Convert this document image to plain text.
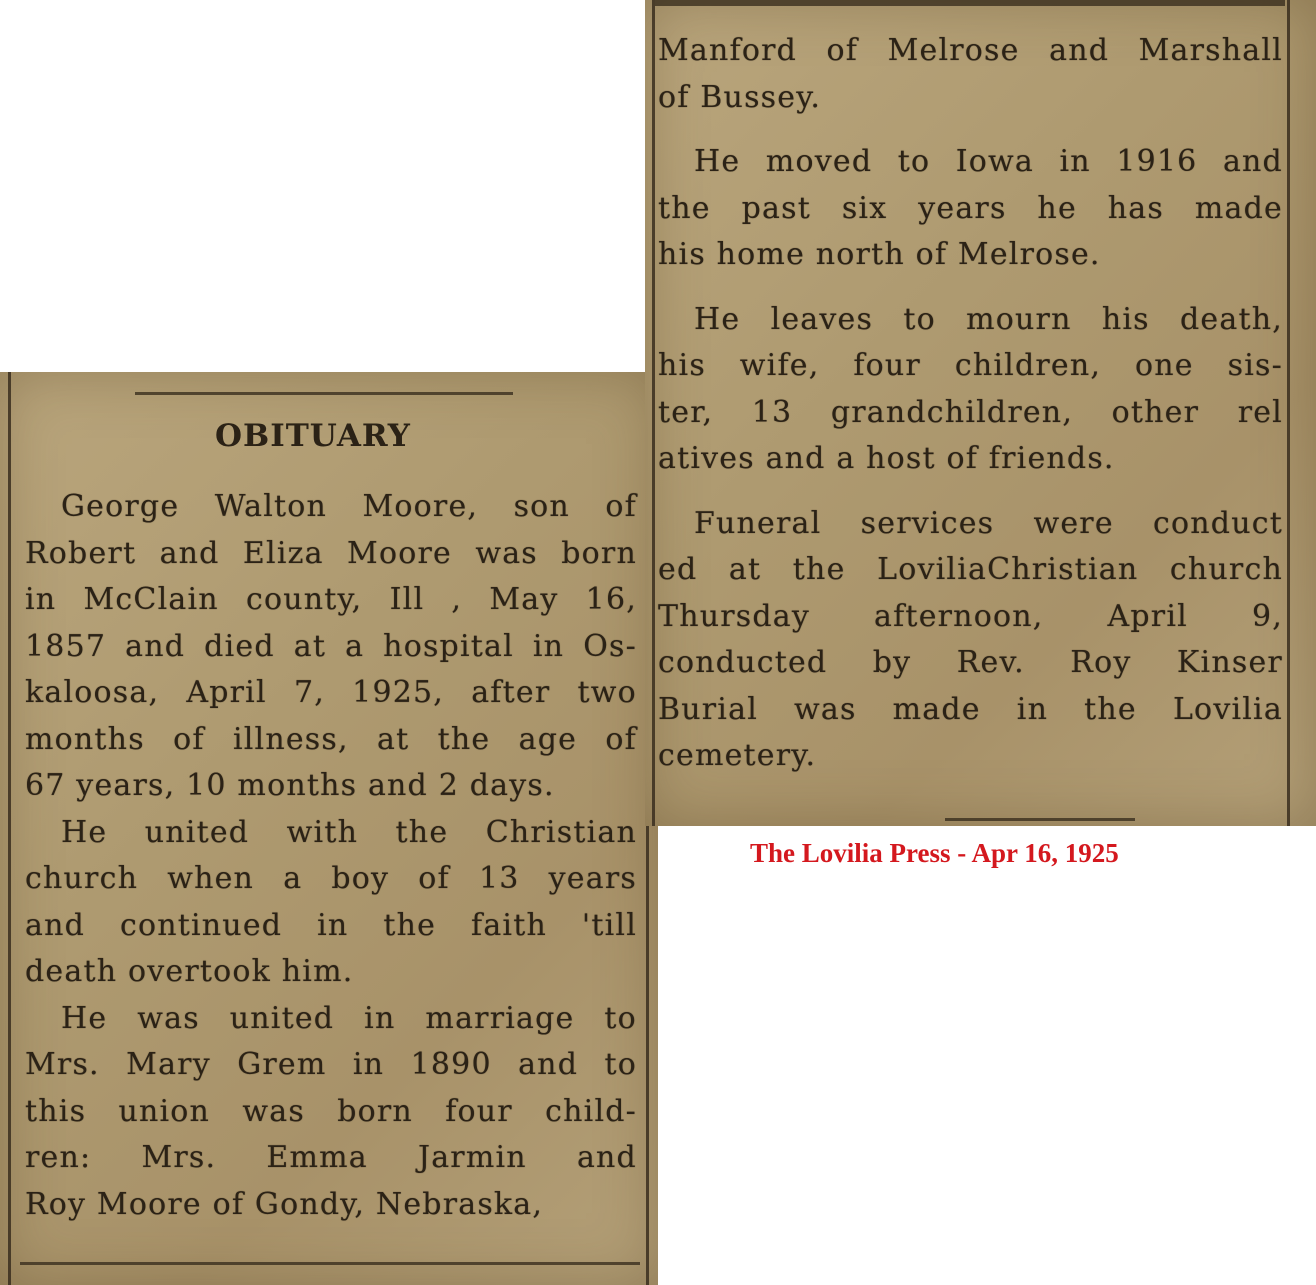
OBITUARY

George Walton Moore, son of
Robert and Eliza Moore was born
in McClain county, Ill , May 16,
1857 and died at a hospital in Os-
kaloosa, April 7, 1925, after two
months of illness, at the age of
67 years, 10 months and 2 days.

He united with the Christian
church when a boy of 13 years
and continued in the faith 'till
death overtook him.

He was united in marriage to
Mrs. Mary Grem in 1890 and to
this union was born four child-
ren: Mrs. Emma Jarmin and
Roy Moore of Gondy, Nebraska,

Manford of Melrose and Marshall
of Bussey.

He moved to Iowa in 1916 and
the past six years he has made
his home north of Melrose.

He leaves to mourn his death,
his wife, four children, one sis-
ter, 13 grandchildren, other rel
atives and a host of friends.

Funeral services were conduct
ed at the LoviliaChristian church
Thursday afternoon, April 9,
conducted by Rev. Roy Kinser
Burial was made in the Lovilia
cemetery.

The Lovilia Press - Apr 16, 1925
